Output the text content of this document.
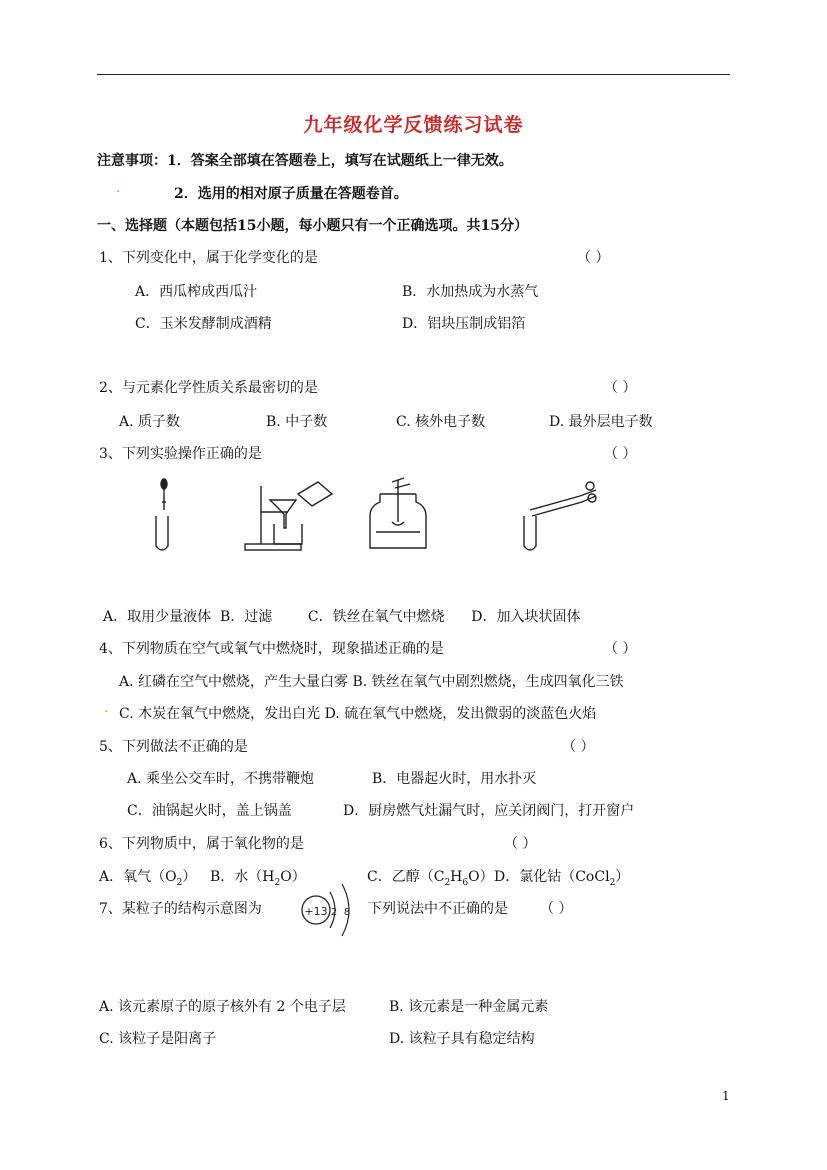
九年级化学反馈练习试卷
注意事项：1．答案全部填在答题卷上，填写在试题纸上一律无效。
.	2．选用的相对原子质量在答题卷首。
一、选择题（本题包括15小题，每小题只有一个正确选项。共15分）
1、下列变化中，属于化学变化的是	（ ）
A．西瓜榨成西瓜汁	B．水加热成为水蒸气
C．玉米发酵制成酒精	D．铝块压制成铝箔
2、与元素化学性质关系最密切的是	（ ）
A. 质子数	B. 中子数	C. 核外电子数	D. 最外层电子数
3、下列实验操作正确的是	（ ）
A．取用少量液体  B．过滤        C．铁丝在氧气中燃烧      D．加入块状固体
4、下列物质在空气或氧气中燃烧时，现象描述正确的是	（ ）
A. 红磷在空气中燃烧，产生大量白雾 B. 铁丝在氧气中剧烈燃烧，生成四氧化三铁
. C. 木炭在氧气中燃烧，发出白光 D. 硫在氧气中燃烧，发出微弱的淡蓝色火焰
5、下列做法不正确的是	（ ）
A. 乘坐公交车时，不携带鞭炮	B．电器起火时，用水扑灭
C．油锅起火时，盖上锅盖	D．厨房燃气灶漏气时，应关闭阀门，打开窗户
6、下列物质中，属于氧化物的是	（ ）
A．氧气$(O_2)$ B．水$(H_2O)$	C．乙醇$(C_2H_6O)$ D．氯化钴（CoCl$_2$）
7、某粒子的结构示意图为	+13 2 8 下列说法中不正确的是 （ ）
A. 该元素原子的原子核外有 2 个电子层	B. 该元素是一种金属元素
C. 该粒子是阳离子	D. 该粒子具有稳定结构
1
